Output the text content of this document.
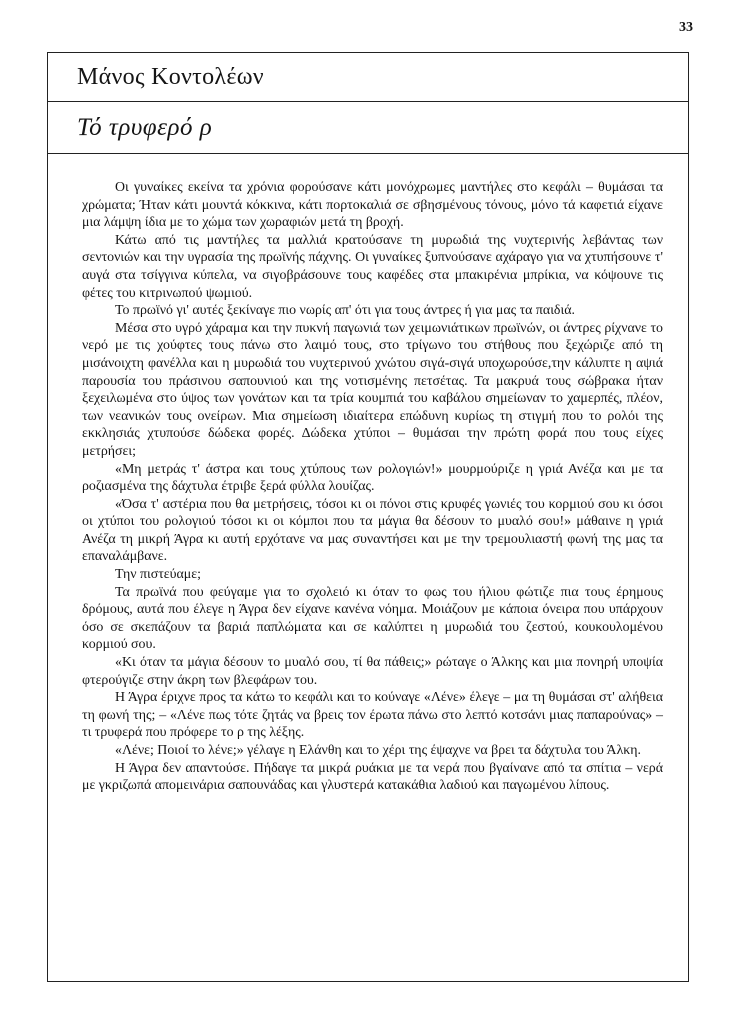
33
Μάνος Κοντολέων
Τό τρυφερό ρ

Οι γυναίκες εκείνα τα χρόνια φορούσανε κάτι μονόχρωμες μαντήλες στο κεφάλι – θυμάσαι τα χρώματα; Ήταν κάτι μουντά κόκκινα, κάτι πορτοκαλιά σε σβησμένους τόνους, μόνο τά καφετιά είχανε μια λάμψη ίδια με το χώμα των χωραφιών μετά τη βροχή.

Κάτω από τις μαντήλες τα μαλλιά κρατούσανε τη μυρωδιά της νυχτερινής λεβάντας των σεντονιών και την υγρασία της πρωϊνής πάχνης. Οι γυναίκες ξυπνούσανε αχάραγο για να χτυπήσουνε τ' αυγά στα τσίγγινα κύπελα, να σιγοβράσουνε τους καφέδες στα μπακιρένια μπρίκια, να κόψουνε τις φέτες του κιτρινωπού ψωμιού.

Το πρωϊνό γι' αυτές ξεκίναγε πιο νωρίς απ' ότι για τους άντρες ή για μας τα παιδιά.

Μέσα στο υγρό χάραμα και την πυκνή παγωνιά των χειμωνιάτικων πρωϊνών, οι άντρες ρίχνανε το νερό με τις χούφτες τους πάνω στο λαιμό τους, στο τρίγωνο του στήθους που ξεχώριζε από τη μισάνοιχτη φανέλλα και η μυρωδιά του νυχτερινού χνώτου σιγά-σιγά υποχωρούσε,την κάλυπτε η αψιά παρουσία του πράσινου σαπουνιού και της νοτισμένης πετσέτας. Τα μακρυά τους σώβρακα ήταν ξεχειλωμένα στο ύψος των γονάτων και τα τρία κουμπιά του καβάλου σημείωναν το χαμερπές, πλέον, των νεανικών τους ονείρων. Μια σημείωση ιδιαίτερα επώδυνη κυρίως τη στιγμή που το ρολόι της εκκλησιάς χτυπούσε δώδεκα φορές. Δώδεκα χτύποι – θυμάσαι την πρώτη φορά που τους είχες μετρήσει;

«Μη μετράς τ' άστρα και τους χτύπους των ρολογιών!» μουρμούριζε η γριά Ανέζα και με τα ροζιασμένα της δάχτυλα έτριβε ξερά φύλλα λουίζας.

«Όσα τ' αστέρια που θα μετρήσεις, τόσοι κι οι πόνοι στις κρυφές γωνιές του κορμιού σου κι όσοι οι χτύποι του ρολογιού τόσοι κι οι κόμποι που τα μάγια θα δέσουν το μυαλό σου!» μάθαινε η γριά Ανέζα τη μικρή Άγρα κι αυτή ερχότανε να μας συναντήσει και με την τρεμουλιαστή φωνή της μας τα επαναλάμβανε.

Την πιστεύαμε;

Τα πρωϊνά που φεύγαμε για το σχολειό κι όταν το φως του ήλιου φώτιζε πια τους έρημους δρόμους, αυτά που έλεγε η Άγρα δεν είχανε κανένα νόημα. Μοιάζουν με κάποια όνειρα που υπάρχουν όσο σε σκεπάζουν τα βαριά παπλώματα και σε καλύπτει η μυρωδιά του ζεστού, κουκουλομένου κορμιού σου.

«Κι όταν τα μάγια δέσουν το μυαλό σου, τί θα πάθεις;» ρώταγε ο Άλκης και μια πονηρή υποψία φτερούγιζε στην άκρη των βλεφάρων του.

Η Άγρα έριχνε προς τα κάτω το κεφάλι και το κούναγε «Λένε» έλεγε – μα τη θυμάσαι στ' αλήθεια τη φωνή της; – «Λένε πως τότε ζητάς να βρεις τον έρωτα πάνω στο λεπτό κοτσάνι μιας παπαρούνας» – τι τρυφερά που πρόφερε το ρ της λέξης.

«Λένε; Ποιοί το λένε;» γέλαγε η Ελάνθη και το χέρι της έψαχνε να βρει τα δάχτυλα του Άλκη.

Η Άγρα δεν απαντούσε. Πήδαγε τα μικρά ρυάκια με τα νερά που βγαίνανε από τα σπίτια – νερά με γκριζωπά απομεινάρια σαπουνάδας και γλυστερά κατακάθια λαδιού και παγωμένου λίπους.
